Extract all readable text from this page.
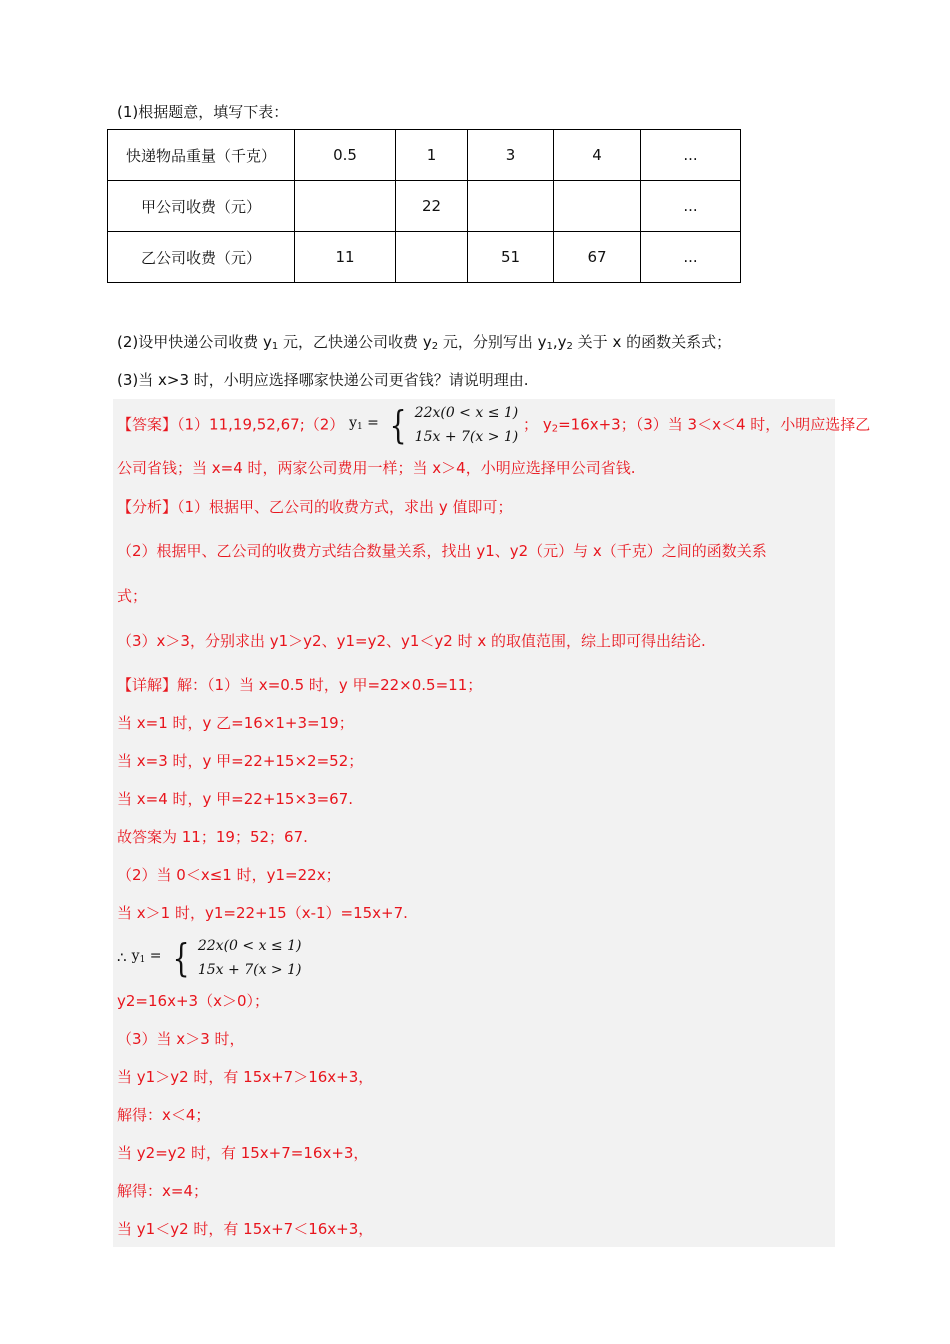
(1)根据题意，填写下表：
快递物品重量（千克）	0.5	1	3	4	...
甲公司收费（元）		22			...
乙公司收费（元）	11		51	67	...
(2)设甲快递公司收费 $y_1$ 元，乙快递公司收费 $y_2$ 元，分别写出 $y_1,y_2$ 关于 x 的函数关系式；
(3)当 x>3 时，小明应选择哪家快递公司更省钱？请说明理由.
【答案】（1）11,19,52,67;（2） $y_1$ = { 22x(0 < x ≤ 1)
15x + 7(x > 1)
； $y_2=16x+3$；（3）当 3＜x＜4 时，小明应选择乙
公司省钱；当 x=4 时，两家公司费用一样；当 x＞4，小明应选择甲公司省钱.
【分析】（1）根据甲、乙公司的收费方式，求出 y 值即可；
（2）根据甲、乙公司的收费方式结合数量关系，找出 y1、y2（元）与 x（千克）之间的函数关系
式；
（3）x＞3，分别求出 y1＞y2、y1=y2、y1＜y2 时 x 的取值范围，综上即可得出结论.
【详解】解：（1）当 x=0.5 时，y 甲=22×0.5=11；
当 x=1 时，y 乙=16×1+3=19；
当 x=3 时，y 甲=22+15×2=52；
当 x=4 时，y 甲=22+15×3=67.
故答案为 11；19；52；67.
（2）当 0＜x≤1 时，y1=22x；
当 x＞1 时，y1=22+15（x-1）=15x+7.
∴ $y_1$ = { 22x(0 < x ≤ 1)
15x + 7(x > 1)
y2=16x+3（x＞0）；
（3）当 x＞3 时，
当 y1＞y2 时，有 15x+7＞16x+3，
解得：x＜4；
当 y2=y2 时，有 15x+7=16x+3，
解得：x=4；
当 y1＜y2 时，有 15x+7＜16x+3，
